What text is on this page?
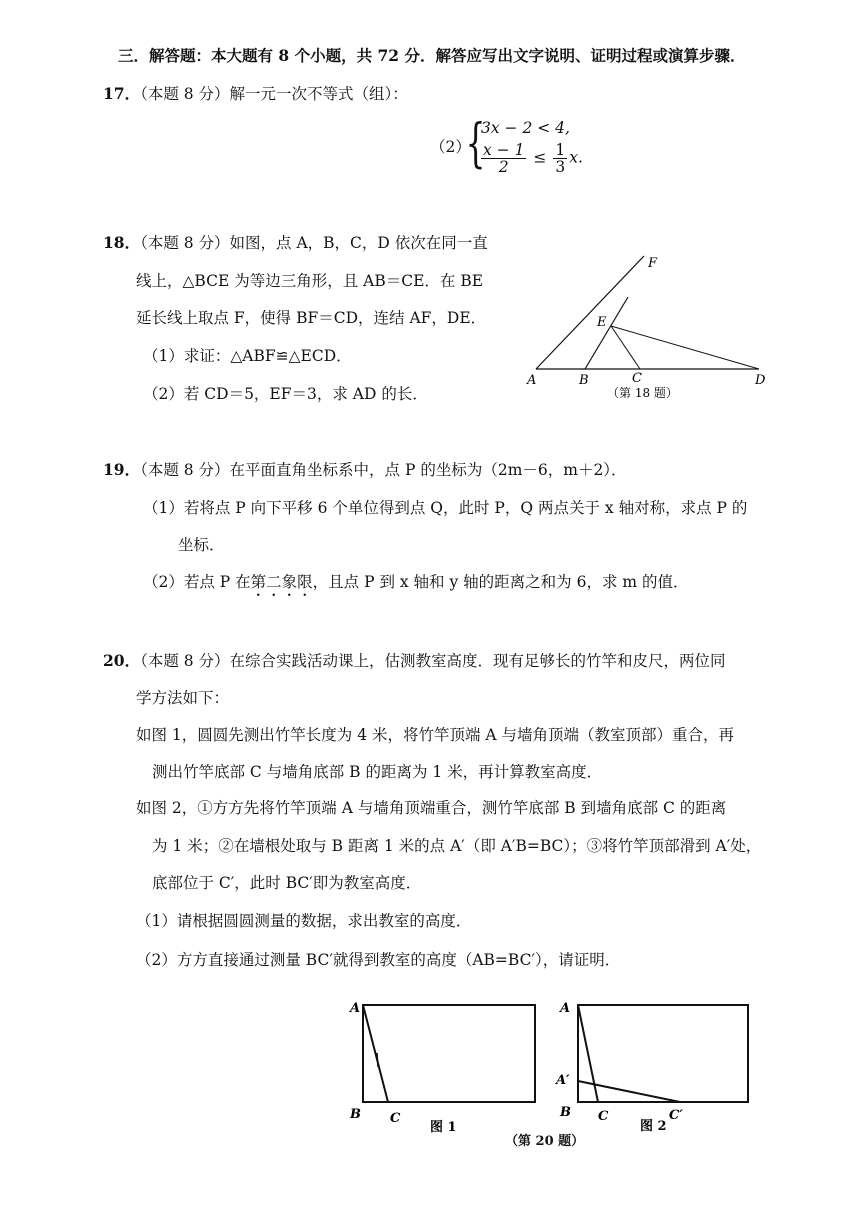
三．解答题：本大题有 8 个小题，共 72 分．解答应写出文字说明、证明过程或演算步骤．
17．（本题 8 分）解一元一次不等式（组）：
（2）
{
3x − 2 < 4,
$\frac{x - 1}{2} \le \frac{1}{3} x$.
18．（本题 8 分）如图，点 A，B，C，D 依次在同一直
线上，△BCE 为等边三角形，且 AB＝CE．在 BE
延长线上取点 F，使得 BF＝CD，连结 AF，DE．
（1）求证：△ABF≌△ECD．
（2）若 CD＝5，EF＝3，求 AD 的长．
A	B	C	D
E
F
（第 18 题）
19．（本题 8 分）在平面直角坐标系中，点 P 的坐标为（2m－6，m＋2）．
（1）若将点 P 向下平移 6 个单位得到点 Q，此时 P，Q 两点关于 x 轴对称，求点 P 的
坐标．
（2）若点 P 在第二象限，且点 P 到 x 轴和 y 轴的距离之和为 6，求 m 的值．
20．（本题 8 分）在综合实践活动课上，估测教室高度．现有足够长的竹竿和皮尺，两位同
学方法如下：
如图 1，圆圆先测出竹竿长度为 4 米，将竹竿顶端 A 与墙角顶端（教室顶部）重合，再
测出竹竿底部 C 与墙角底部 B 的距离为 1 米，再计算教室高度．
如图 2，①方方先将竹竿顶端 A 与墙角顶端重合，测竹竿底部 B 到墙角底部 C 的距离
为 1 米；②在墙根处取与 B 距离 1 米的点 A′（即 A′B=BC）；③将竹竿顶部滑到 A′处，
底部位于 C′，此时 BC′即为教室高度．
（1）请根据圆圆测量的数据，求出教室的高度．
（2）方方直接通过测量 BC′就得到教室的高度（AB=BC′），请证明．
A
B C
图 1
A
A′
B C	C′
图 2
（第 20 题）
